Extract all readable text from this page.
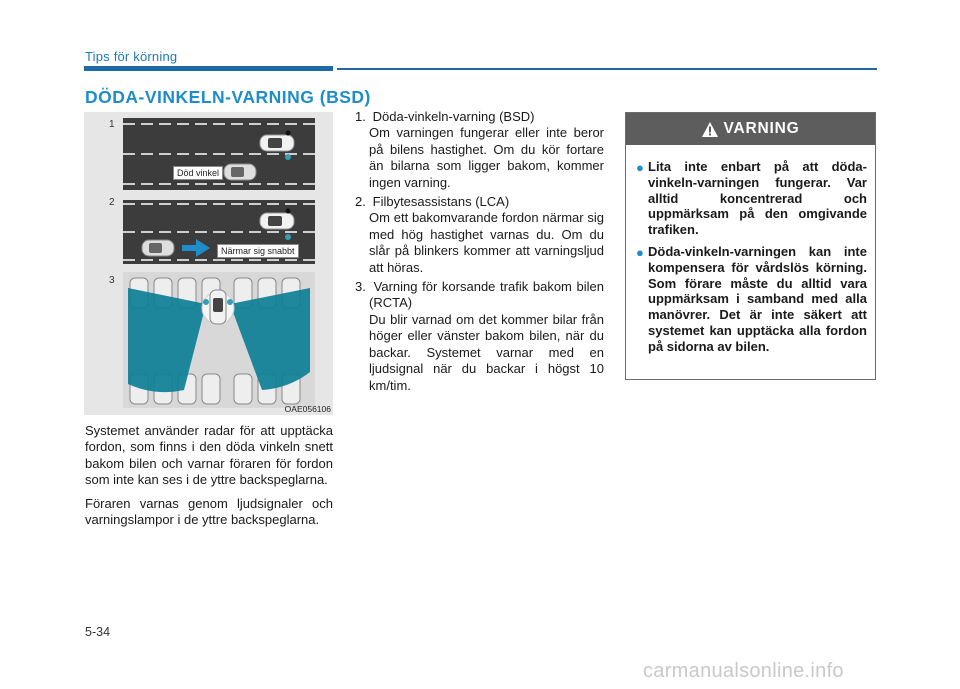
Tips för körning
DÖDA-VINKELN-VARNING (BSD)
1
2
3
Död vinkel
Närmar sig snabbt
OAE056106

Systemet använder radar för att upptäcka fordon, som finns i den döda vinkeln snett bakom bilen och varnar föraren för fordon som inte kan ses i de yttre backspeglarna.

Föraren varnas genom ljudsignaler och varningslampor i de yttre backspeglarna.

1. Döda-vinkeln-varning (BSD)
Om varningen fungerar eller inte beror på bilens hastighet. Om du kör fortare än bilarna som ligger bakom, kommer ingen varning.
2. Filbytesassistans (LCA)
Om ett bakomvarande fordon närmar sig med hög hastighet varnas du. Om du slår på blinkers kommer att varningsljud att höras.
3. Varning för korsande trafik bakom bilen (RCTA)
Du blir varnad om det kommer bilar från höger eller vänster bakom bilen, när du backar. Systemet varnar med en ljudsignal när du backar i högst 10 km/tim.
VARNING
● Lita inte enbart på att döda-vinkeln-varningen fungerar. Var alltid koncentrerad och uppmärksam på den omgivande trafiken.
● Döda-vinkeln-varningen kan inte kompensera för vårdslös körning. Som förare måste du alltid vara uppmärksam i samband med alla manövrer. Det är inte säkert att systemet kan upptäcka alla fordon på sidorna av bilen.
5-34
carmanualsonline.info
